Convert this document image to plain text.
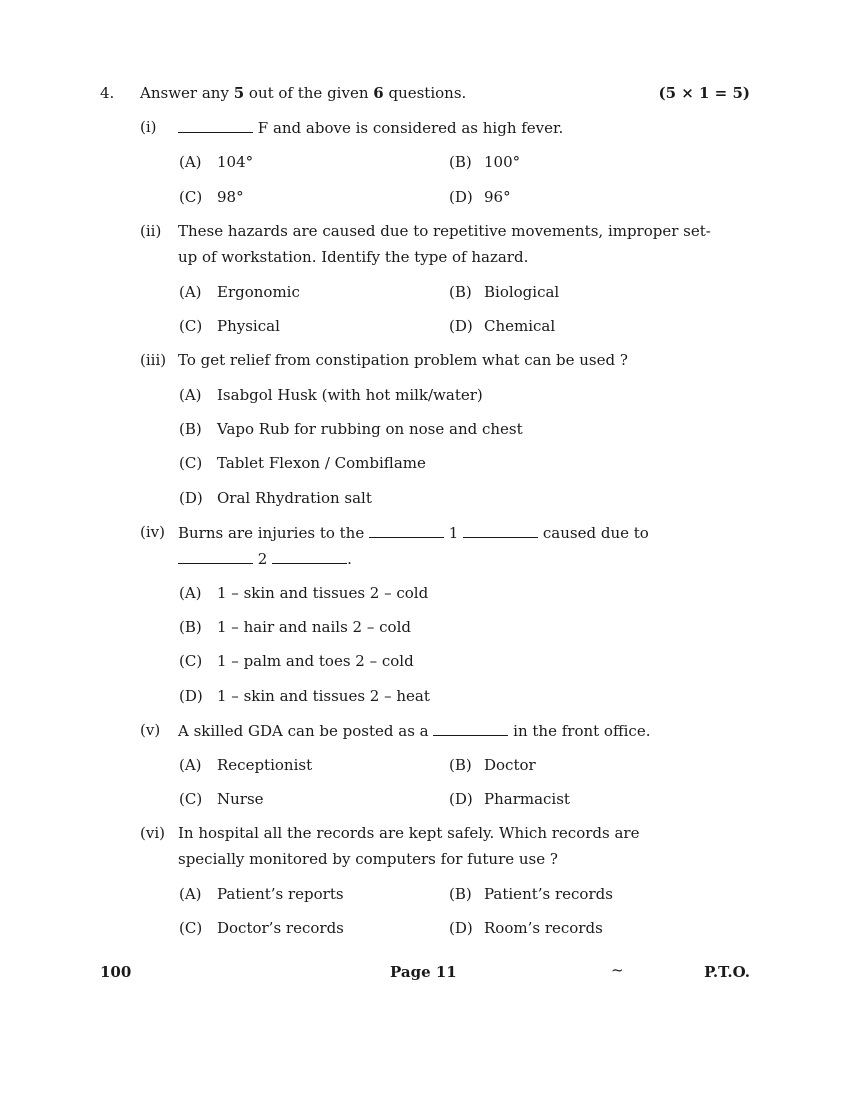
4. Answer any 5 out of the given 6 questions.	(5 × 1 = 5)
(i)	F and above is considered as high fever.
(A) 104°	(B) 100°
(C) 98°	(D) 96°
(ii) These hazards are caused due to repetitive movements, improper set-
up of workstation. Identify the type of hazard.
(A) Ergonomic	(B) Biological
(C) Physical	(D) Chemical
(iii) To get relief from constipation problem what can be used ?
(A) Isabgol Husk (with hot milk/water)
(B) Vapo Rub for rubbing on nose and chest
(C) Tablet Flexon / Combiflame
(D) Oral Rhydration salt
(iv) Burns are injuries to the	1	caused due to
2	.
(A) 1 – skin and tissues 2 – cold
(B) 1 – hair and nails 2 – cold
(C) 1 – palm and toes 2 – cold
(D) 1 – skin and tissues 2 – heat
(v) A skilled GDA can be posted as a	in the front office.
(A) Receptionist	(B) Doctor
(C) Nurse	(D) Pharmacist
(vi) In hospital all the records are kept safely. Which records are
specially monitored by computers for future use ?
(A) Patient’s reports	(B) Patient’s records
(C) Doctor’s records	(D) Room’s records
100	Page 11	~	P.T.O.
